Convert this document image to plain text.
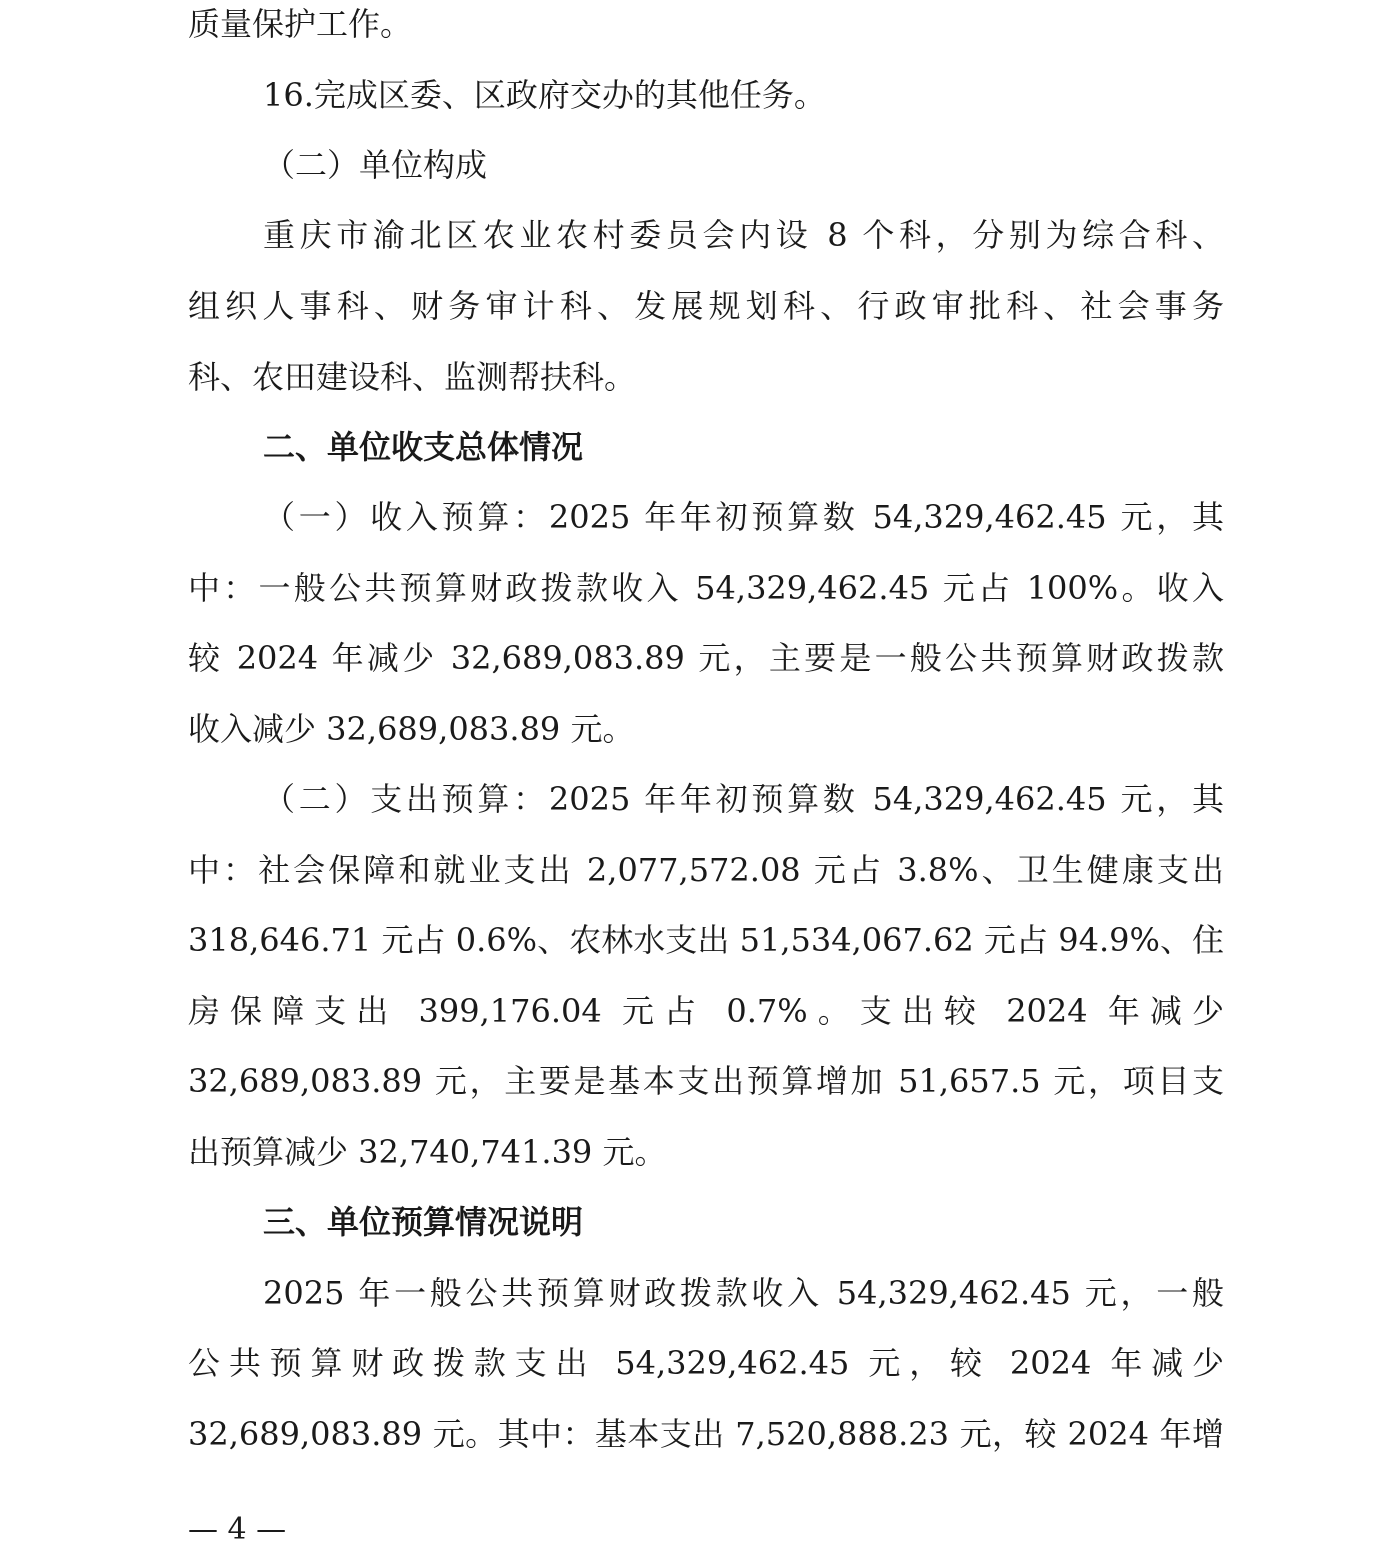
质量保护工作。
16.完成区委、区政府交办的其他任务。
（二）单位构成
重庆市渝北区农业农村委员会内设 8 个科，分别为综合科、
组织人事科、财务审计科、发展规划科、行政审批科、社会事务
科、农田建设科、监测帮扶科。
二、单位收支总体情况
（一）收入预算：2025 年年初预算数 54,329,462.45 元，其
中：一般公共预算财政拨款收入 54,329,462.45 元占 100%。收入
较 2024 年减少 32,689,083.89 元，主要是一般公共预算财政拨款
收入减少 32,689,083.89 元。
（二）支出预算：2025 年年初预算数 54,329,462.45 元，其
中：社会保障和就业支出 2,077,572.08 元占 3.8%、卫生健康支出
318,646.71 元占 0.6%、农林水支出 51,534,067.62 元占 94.9%、住
房保障支出 399,176.04 元占 0.7%。支出较 2024 年减少
32,689,083.89 元，主要是基本支出预算增加 51,657.5 元，项目支
出预算减少 32,740,741.39 元。
三、单位预算情况说明
2025 年一般公共预算财政拨款收入 54,329,462.45 元，一般
公共预算财政拨款支出 54,329,462.45 元，较 2024 年减少
32,689,083.89 元。其中：基本支出 7,520,888.23 元，较 2024 年增
— 4 —
